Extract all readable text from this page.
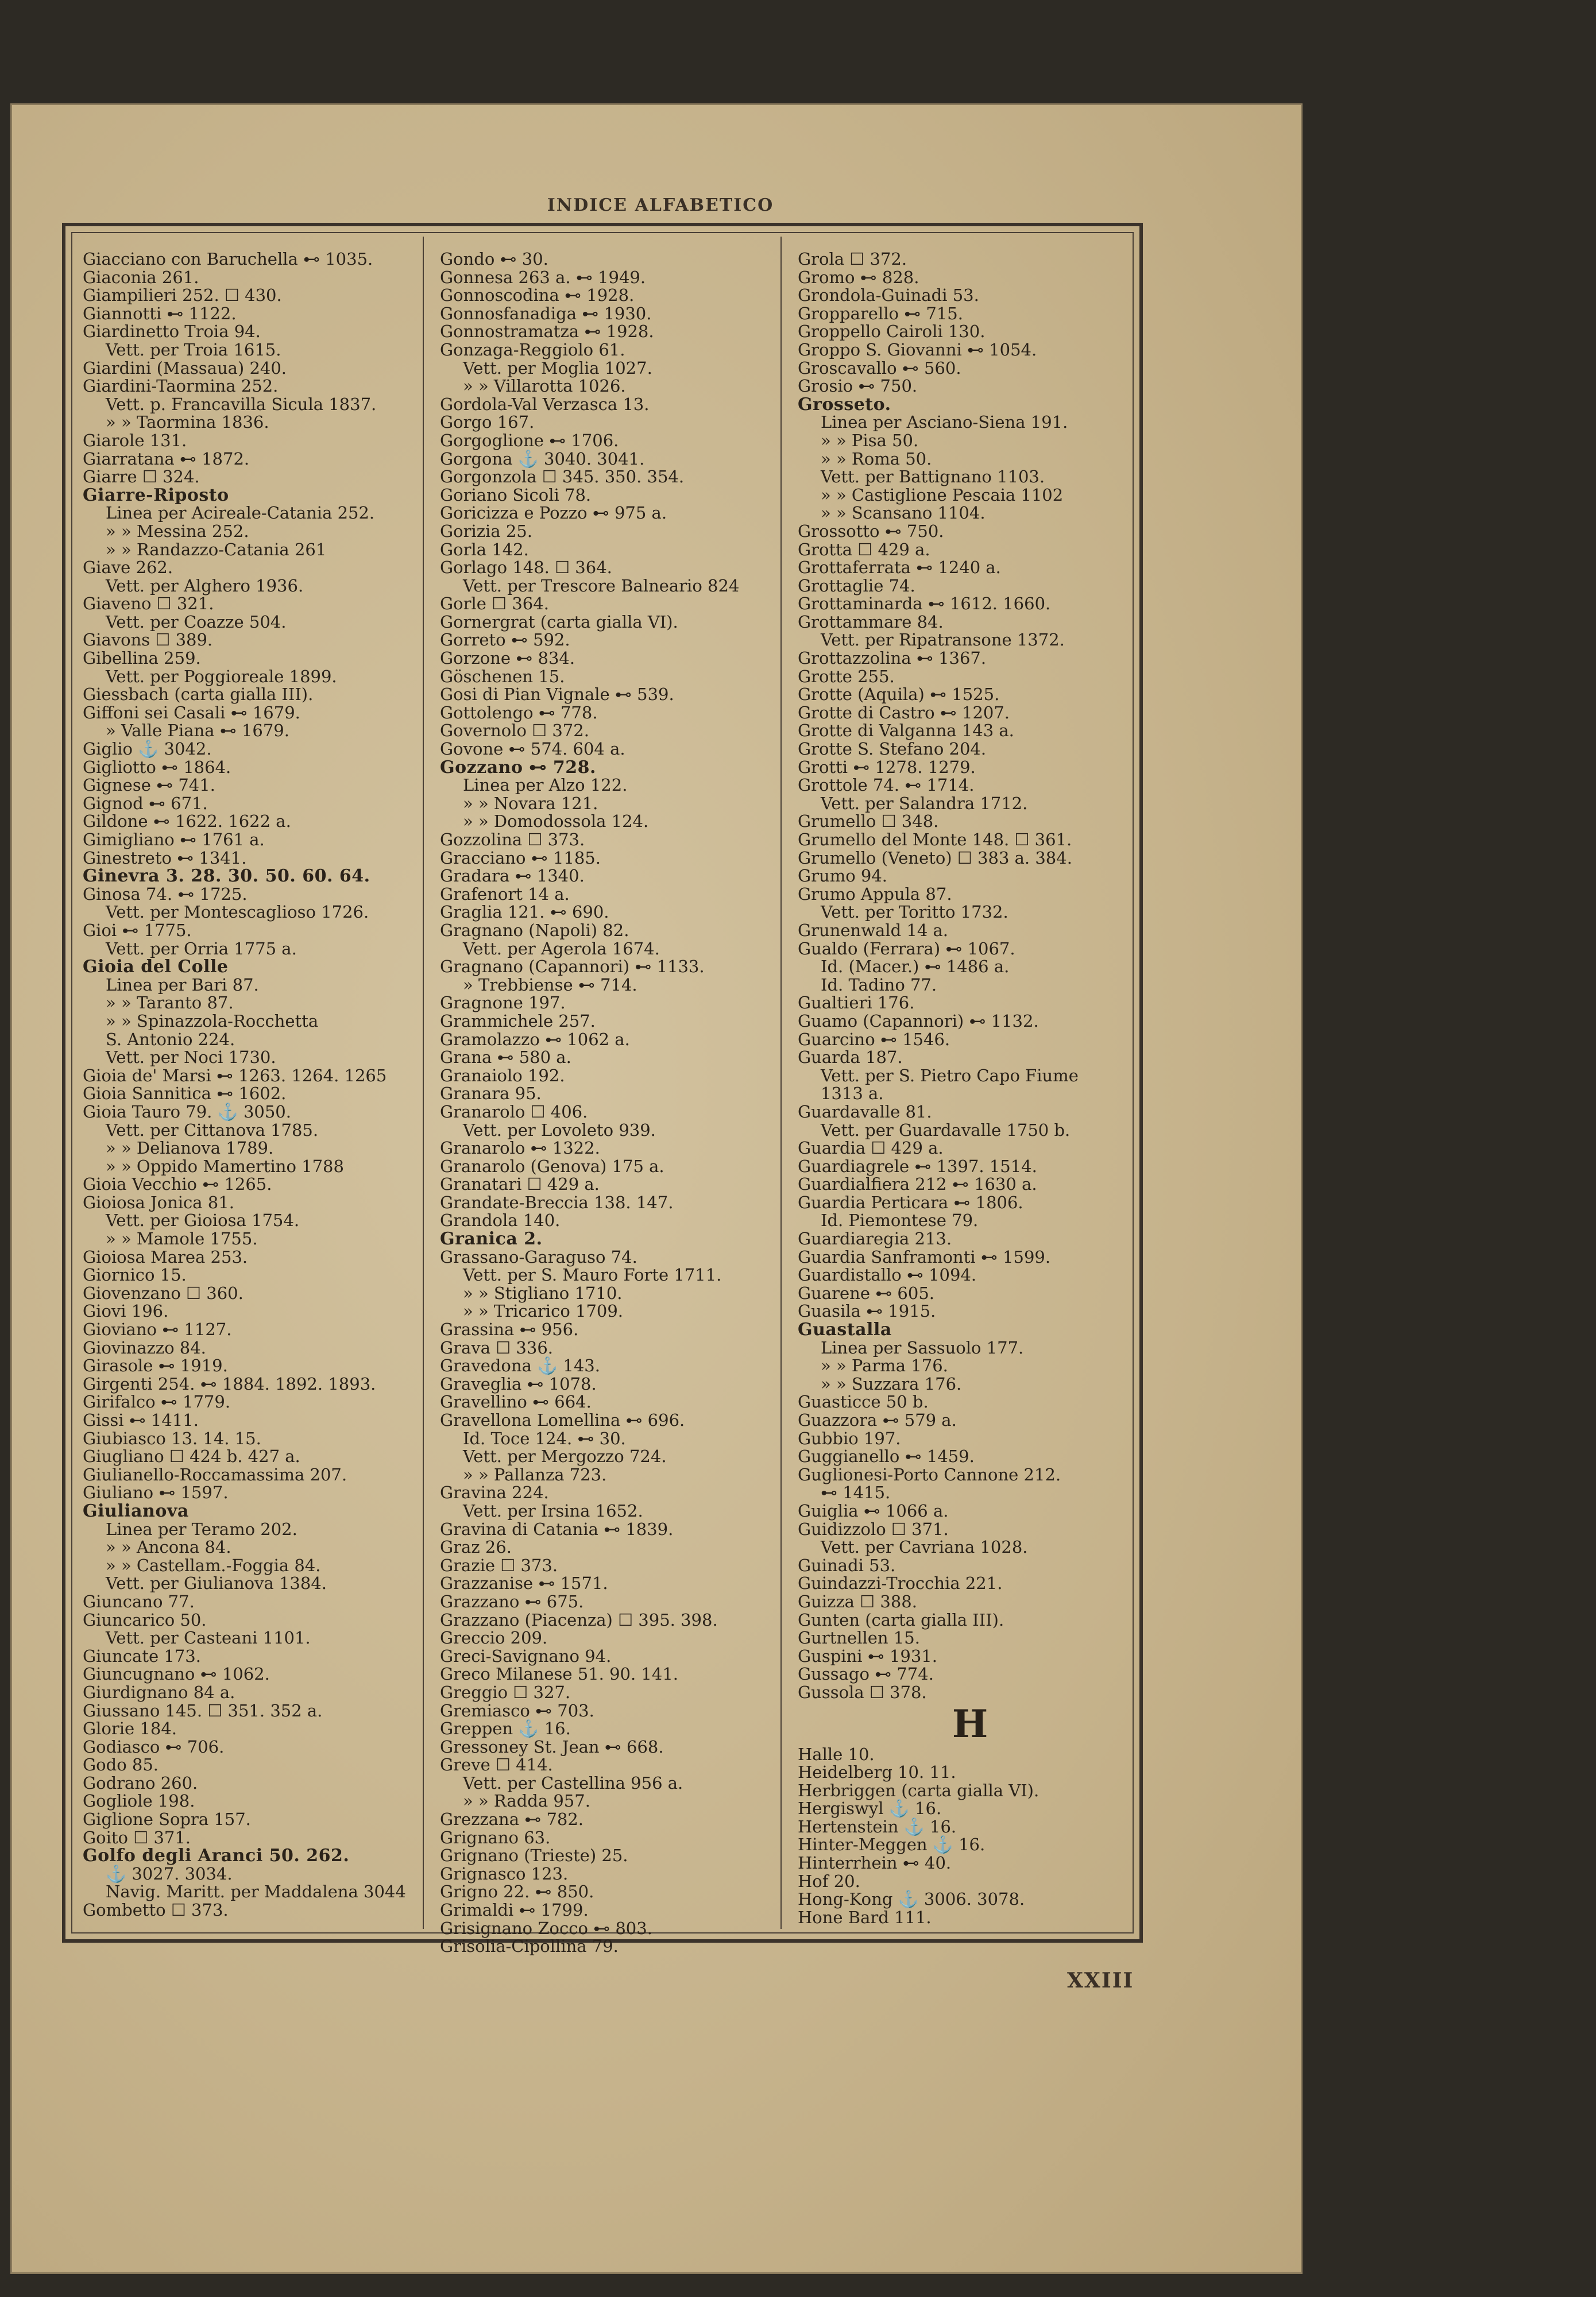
INDICE ALFABETICO
Giacciano con Baruchella ⊷ 1035.
Giaconia 261.
Giampilieri 252. ☐ 430.
Giannotti ⊷ 1122.
Giardinetto Troia 94.
Vett. per Troia 1615.
Giardini (Massaua) 240.
Giardini-Taormina 252.
Vett. p. Francavilla Sicula 1837.
» » Taormina 1836.
Giarole 131.
Giarratana ⊷ 1872.
Giarre ☐ 324.
Giarre-Riposto
Linea per Acireale-Catania 252.
» » Messina 252.
» » Randazzo-Catania 261
Giave 262.
Vett. per Alghero 1936.
Giaveno ☐ 321.
Vett. per Coazze 504.
Giavons ☐ 389.
Gibellina 259.
Vett. per Poggioreale 1899.
Giessbach (carta gialla III).
Giffoni sei Casali ⊷ 1679.
» Valle Piana ⊷ 1679.
Giglio ⚓ 3042.
Gigliotto ⊷ 1864.
Gignese ⊷ 741.
Gignod ⊷ 671.
Gildone ⊷ 1622. 1622 a.
Gimigliano ⊷ 1761 a.
Ginestreto ⊷ 1341.
Ginevra 3. 28. 30. 50. 60. 64.
Ginosa 74. ⊷ 1725.
Vett. per Montescaglioso 1726.
Gioi ⊷ 1775.
Vett. per Orria 1775 a.
Gioia del Colle
Linea per Bari 87.
» » Taranto 87.
» » Spinazzola-Rocchetta
S. Antonio 224.
Vett. per Noci 1730.
Gioia de' Marsi ⊷ 1263. 1264. 1265
Gioia Sannitica ⊷ 1602.
Gioia Tauro 79. ⚓ 3050.
Vett. per Cittanova 1785.
» » Delianova 1789.
» » Oppido Mamertino 1788
Gioia Vecchio ⊷ 1265.
Gioiosa Jonica 81.
Vett. per Gioiosa 1754.
» » Mamole 1755.
Gioiosa Marea 253.
Giornico 15.
Giovenzano ☐ 360.
Giovi 196.
Gioviano ⊷ 1127.
Giovinazzo 84.
Girasole ⊷ 1919.
Girgenti 254. ⊷ 1884. 1892. 1893.
Girifalco ⊷ 1779.
Gissi ⊷ 1411.
Giubiasco 13. 14. 15.
Giugliano ☐ 424 b. 427 a.
Giulianello-Roccamassima 207.
Giuliano ⊷ 1597.
Giulianova
Linea per Teramo 202.
» » Ancona 84.
» » Castellam.-Foggia 84.
Vett. per Giulianova 1384.
Giuncano 77.
Giuncarico 50.
Vett. per Casteani 1101.
Giuncate 173.
Giuncugnano ⊷ 1062.
Giurdignano 84 a.
Giussano 145. ☐ 351. 352 a.
Glorie 184.
Godiasco ⊷ 706.
Godo 85.
Godrano 260.
Gogliole 198.
Giglione Sopra 157.
Goito ☐ 371.
Golfo degli Aranci 50. 262.
⚓ 3027. 3034.
Navig. Maritt. per Maddalena 3044
Gombetto ☐ 373.
Gondo ⊷ 30.
Gonnesa 263 a. ⊷ 1949.
Gonnoscodina ⊷ 1928.
Gonnosfanadiga ⊷ 1930.
Gonnostramatza ⊷ 1928.
Gonzaga-Reggiolo 61.
Vett. per Moglia 1027.
» » Villarotta 1026.
Gordola-Val Verzasca 13.
Gorgo 167.
Gorgoglione ⊷ 1706.
Gorgona ⚓ 3040. 3041.
Gorgonzola ☐ 345. 350. 354.
Goriano Sicoli 78.
Goricizza e Pozzo ⊷ 975 a.
Gorizia 25.
Gorla 142.
Gorlago 148. ☐ 364.
Vett. per Trescore Balneario 824
Gorle ☐ 364.
Gornergrat (carta gialla VI).
Gorreto ⊷ 592.
Gorzone ⊷ 834.
Göschenen 15.
Gosi di Pian Vignale ⊷ 539.
Gottolengo ⊷ 778.
Governolo ☐ 372.
Govone ⊷ 574. 604 a.
Gozzano ⊷ 728.
Linea per Alzo 122.
» » Novara 121.
» » Domodossola 124.
Gozzolina ☐ 373.
Gracciano ⊷ 1185.
Gradara ⊷ 1340.
Grafenort 14 a.
Graglia 121. ⊷ 690.
Gragnano (Napoli) 82.
Vett. per Agerola 1674.
Gragnano (Capannori) ⊷ 1133.
» Trebbiense ⊷ 714.
Gragnone 197.
Grammichele 257.
Gramolazzo ⊷ 1062 a.
Grana ⊷ 580 a.
Granaiolo 192.
Granara 95.
Granarolo ☐ 406.
Vett. per Lovoleto 939.
Granarolo ⊷ 1322.
Granarolo (Genova) 175 a.
Granatari ☐ 429 a.
Grandate-Breccia 138. 147.
Grandola 140.
Granica 2.
Grassano-Garaguso 74.
Vett. per S. Mauro Forte 1711.
» » Stigliano 1710.
» » Tricarico 1709.
Grassina ⊷ 956.
Grava ☐ 336.
Gravedona ⚓ 143.
Graveglia ⊷ 1078.
Gravellino ⊷ 664.
Gravellona Lomellina ⊷ 696.
Id. Toce 124. ⊷ 30.
Vett. per Mergozzo 724.
» » Pallanza 723.
Gravina 224.
Vett. per Irsina 1652.
Gravina di Catania ⊷ 1839.
Graz 26.
Grazie ☐ 373.
Grazzanise ⊷ 1571.
Grazzano ⊷ 675.
Grazzano (Piacenza) ☐ 395. 398.
Greccio 209.
Greci-Savignano 94.
Greco Milanese 51. 90. 141.
Greggio ☐ 327.
Gremiasco ⊷ 703.
Greppen ⚓ 16.
Gressoney St. Jean ⊷ 668.
Greve ☐ 414.
Vett. per Castellina 956 a.
» » Radda 957.
Grezzana ⊷ 782.
Grignano 63.
Grignano (Trieste) 25.
Grignasco 123.
Grigno 22. ⊷ 850.
Grimaldi ⊷ 1799.
Grisignano Zocco ⊷ 803.
Grisolia-Cipollina 79.
Grola ☐ 372.
Gromo ⊷ 828.
Grondola-Guinadi 53.
Gropparello ⊷ 715.
Groppello Cairoli 130.
Groppo S. Giovanni ⊷ 1054.
Groscavallo ⊷ 560.
Grosio ⊷ 750.
Grosseto.
Linea per Asciano-Siena 191.
» » Pisa 50.
» » Roma 50.
Vett. per Battignano 1103.
» » Castiglione Pescaia 1102
» » Scansano 1104.
Grossotto ⊷ 750.
Grotta ☐ 429 a.
Grottaferrata ⊷ 1240 a.
Grottaglie 74.
Grottaminarda ⊷ 1612. 1660.
Grottammare 84.
Vett. per Ripatransone 1372.
Grottazzolina ⊷ 1367.
Grotte 255.
Grotte (Aquila) ⊷ 1525.
Grotte di Castro ⊷ 1207.
Grotte di Valganna 143 a.
Grotte S. Stefano 204.
Grotti ⊷ 1278. 1279.
Grottole 74. ⊷ 1714.
Vett. per Salandra 1712.
Grumello ☐ 348.
Grumello del Monte 148. ☐ 361.
Grumello (Veneto) ☐ 383 a. 384.
Grumo 94.
Grumo Appula 87.
Vett. per Toritto 1732.
Grunenwald 14 a.
Gualdo (Ferrara) ⊷ 1067.
Id. (Macer.) ⊷ 1486 a.
Id. Tadino 77.
Gualtieri 176.
Guamo (Capannori) ⊷ 1132.
Guarcino ⊷ 1546.
Guarda 187.
Vett. per S. Pietro Capo Fiume
1313 a.
Guardavalle 81.
Vett. per Guardavalle 1750 b.
Guardia ☐ 429 a.
Guardiagrele ⊷ 1397. 1514.
Guardialfiera 212 ⊷ 1630 a.
Guardia Perticara ⊷ 1806.
Id. Piemontese 79.
Guardiaregia 213.
Guardia Sanframonti ⊷ 1599.
Guardistallo ⊷ 1094.
Guarene ⊷ 605.
Guasila ⊷ 1915.
Guastalla
Linea per Sassuolo 177.
» » Parma 176.
» » Suzzara 176.
Guasticce 50 b.
Guazzora ⊷ 579 a.
Gubbio 197.
Guggianello ⊷ 1459.
Guglionesi-Porto Cannone 212.
⊷ 1415.
Guiglia ⊷ 1066 a.
Guidizzolo ☐ 371.
Vett. per Cavriana 1028.
Guinadi 53.
Guindazzi-Trocchia 221.
Guizza ☐ 388.
Gunten (carta gialla III).
Gurtnellen 15.
Guspini ⊷ 1931.
Gussago ⊷ 774.
Gussola ☐ 378.
H
Halle 10.
Heidelberg 10. 11.
Herbriggen (carta gialla VI).
Hergiswyl ⚓ 16.
Hertenstein ⚓ 16.
Hinter-Meggen ⚓ 16.
Hinterrhein ⊷ 40.
Hof 20.
Hong-Kong ⚓ 3006. 3078.
Hone Bard 111.
XXIII
